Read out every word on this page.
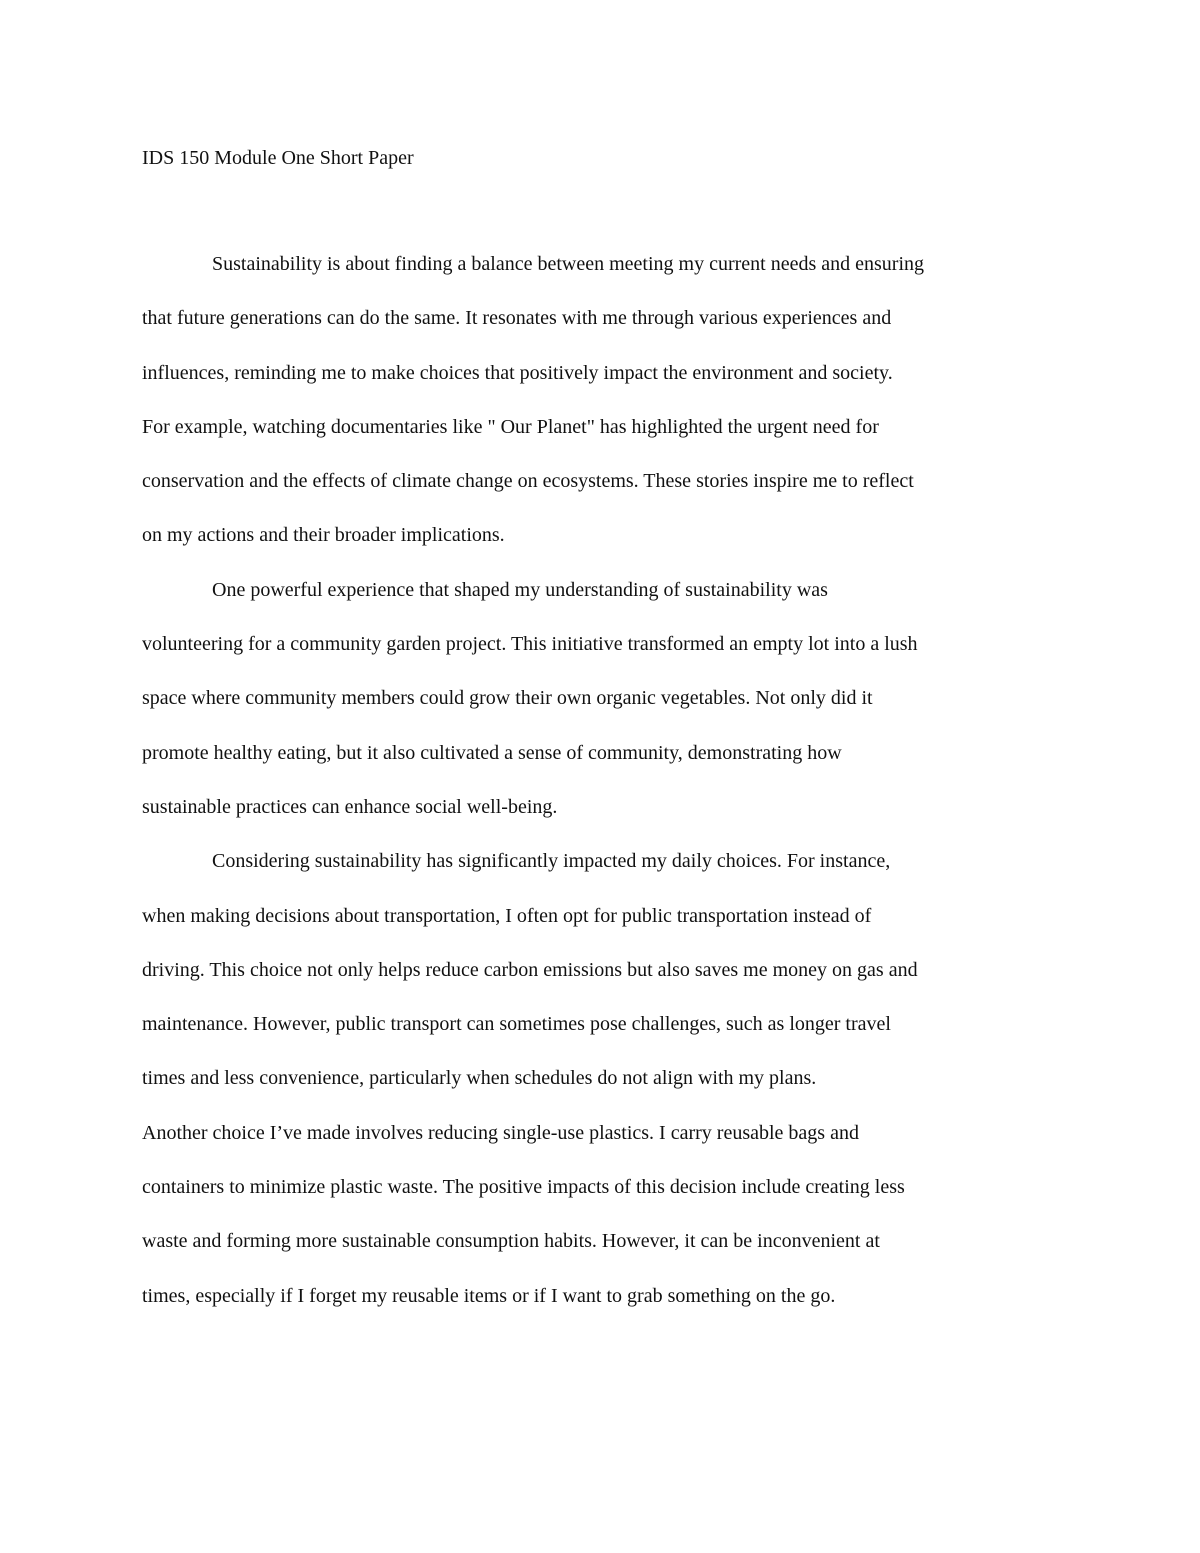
IDS 150 Module One Short Paper
Sustainability is about finding a balance between meeting my current needs and ensuring
that future generations can do the same. It resonates with me through various experiences and
influences, reminding me to make choices that positively impact the environment and society.
For example, watching documentaries like " Our Planet" has highlighted the urgent need for
conservation and the effects of climate change on ecosystems. These stories inspire me to reflect
on my actions and their broader implications.
One powerful experience that shaped my understanding of sustainability was
volunteering for a community garden project. This initiative transformed an empty lot into a lush
space where community members could grow their own organic vegetables. Not only did it
promote healthy eating, but it also cultivated a sense of community, demonstrating how
sustainable practices can enhance social well-being.
Considering sustainability has significantly impacted my daily choices. For instance,
when making decisions about transportation, I often opt for public transportation instead of
driving. This choice not only helps reduce carbon emissions but also saves me money on gas and
maintenance. However, public transport can sometimes pose challenges, such as longer travel
times and less convenience, particularly when schedules do not align with my plans.
Another choice I’ve made involves reducing single-use plastics. I carry reusable bags and
containers to minimize plastic waste. The positive impacts of this decision include creating less
waste and forming more sustainable consumption habits. However, it can be inconvenient at
times, especially if I forget my reusable items or if I want to grab something on the go.
